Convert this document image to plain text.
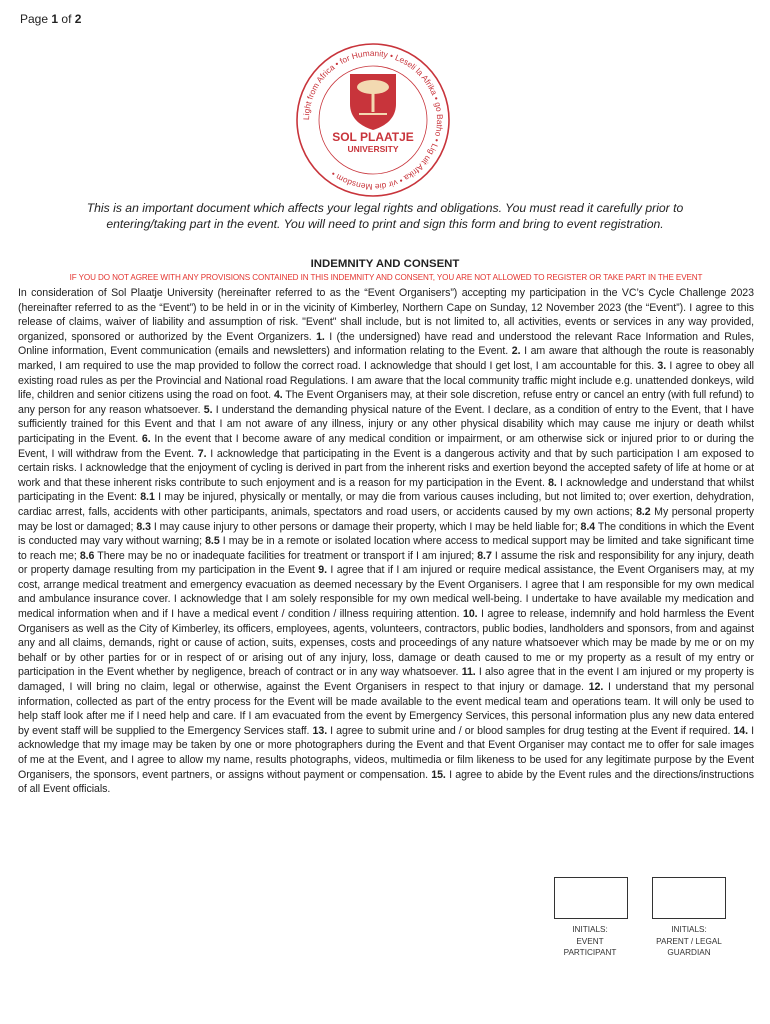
Page 1 of 2
Light from Africa • for Humanity • Leseli la Afrika • go Batho • Lig uit Afrika • vir die Mensdom •
SOL PLAATJE
UNIVERSITY
This is an important document which affects your legal rights and obligations. You must read it carefully prior to
entering/taking part in the event. You will need to print and sign this form and bring to event registration.
INDEMNITY AND CONSENT
IF YOU DO NOT AGREE WITH ANY PROVISIONS CONTAINED IN THIS INDEMNITY AND CONSENT, YOU ARE NOT ALLOWED TO REGISTER OR TAKE PART IN THE EVENT
In consideration of Sol Plaatje University (hereinafter referred to as the “Event Organisers”) accepting my participation in the VC’s Cycle Challenge 2023 (hereinafter referred to as the “Event”) to be held in or in the vicinity of Kimberley, Northern Cape on Sunday, 12 November 2023 (the “Event”). I agree to this release of claims, waiver of liability and assumption of risk. "Event" shall include, but is not limited to, all activities, events or services in any way provided, organized, sponsored or authorized by the Event Organizers. 1. I (the undersigned) have read and understood the relevant Race Information and Rules, Online information, Event communication (emails and newsletters) and information relating to the Event. 2. I am aware that although the route is reasonably marked, I am required to use the map provided to follow the correct road. I acknowledge that should I get lost, I am accountable for this. 3. I agree to obey all existing road rules as per the Provincial and National road Regulations. I am aware that the local community traffic might include e.g. unattended donkeys, wild life, children and senior citizens using the road on foot. 4. The Event Organisers may, at their sole discretion, refuse entry or cancel an entry (with full refund) to any person for any reason whatsoever. 5. I understand the demanding physical nature of the Event. I declare, as a condition of entry to the Event, that I have sufficiently trained for this Event and that I am not aware of any illness, injury or any other physical disability which may cause me injury or death whilst participating in the Event. 6. In the event that I become aware of any medical condition or impairment, or am otherwise sick or injured prior to or during the Event, I will withdraw from the Event. 7. I acknowledge that participating in the Event is a dangerous activity and that by such participation I am exposed to certain risks. I acknowledge that the enjoyment of cycling is derived in part from the inherent risks and exertion beyond the accepted safety of life at home or at work and that these inherent risks contribute to such enjoyment and is a reason for my participation in the Event. 8. I acknowledge and understand that whilst participating in the Event: 8.1 I may be injured, physically or mentally, or may die from various causes including, but not limited to; over exertion, dehydration, cardiac arrest, falls, accidents with other participants, animals, spectators and road users, or accidents caused by my own actions; 8.2 My personal property may be lost or damaged; 8.3 I may cause injury to other persons or damage their property, which I may be held liable for; 8.4 The conditions in which the Event is conducted may vary without warning; 8.5 I may be in a remote or isolated location where access to medical support may be limited and take significant time to reach me; 8.6 There may be no or inadequate facilities for treatment or transport if I am injured; 8.7 I assume the risk and responsibility for any injury, death or property damage resulting from my participation in the Event 9. I agree that if I am injured or require medical assistance, the Event Organisers may, at my cost, arrange medical treatment and emergency evacuation as deemed necessary by the Event Organisers. I agree that I am responsible for my own medical and ambulance insurance cover. I acknowledge that I am solely responsible for my own medical well-being. I undertake to have available my medication and medical information when and if I have a medical event / condition / illness requiring attention. 10. I agree to release, indemnify and hold harmless the Event Organisers as well as the City of Kimberley, its officers, employees, agents, volunteers, contractors, public bodies, landholders and sponsors, from and against any and all claims, demands, right or cause of action, suits, expenses, costs and proceedings of any nature whatsoever which may be made by me or on my behalf or by other parties for or in respect of or arising out of any injury, loss, damage or death caused to me or my property as a result of my entry or participation in the Event whether by negligence, breach of contract or in any way whatsoever. 11. I also agree that in the event I am injured or my property is damaged, I will bring no claim, legal or otherwise, against the Event Organisers in respect to that injury or damage. 12. I understand that my personal information, collected as part of the entry process for the Event will be made available to the event medical team and operations team. It will only be used to help staff look after me if I need help and care. If I am evacuated from the event by Emergency Services, this personal information plus any new data entered by event staff will be supplied to the Emergency Services staff. 13. I agree to submit urine and / or blood samples for drug testing at the Event if required. 14. I acknowledge that my image may be taken by one or more photographers during the Event and that Event Organiser may contact me to offer for sale images of me at the Event, and I agree to allow my name, results photographs, videos, multimedia or film likeness to be used for any legitimate purpose by the Event Organisers, the sponsors, event partners, or assigns without payment or compensation. 15. I agree to abide by the Event rules and the directions/instructions of all Event officials.
INITIALS:
EVENT
PARTICIPANT
INITIALS:
PARENT / LEGAL
GUARDIAN
